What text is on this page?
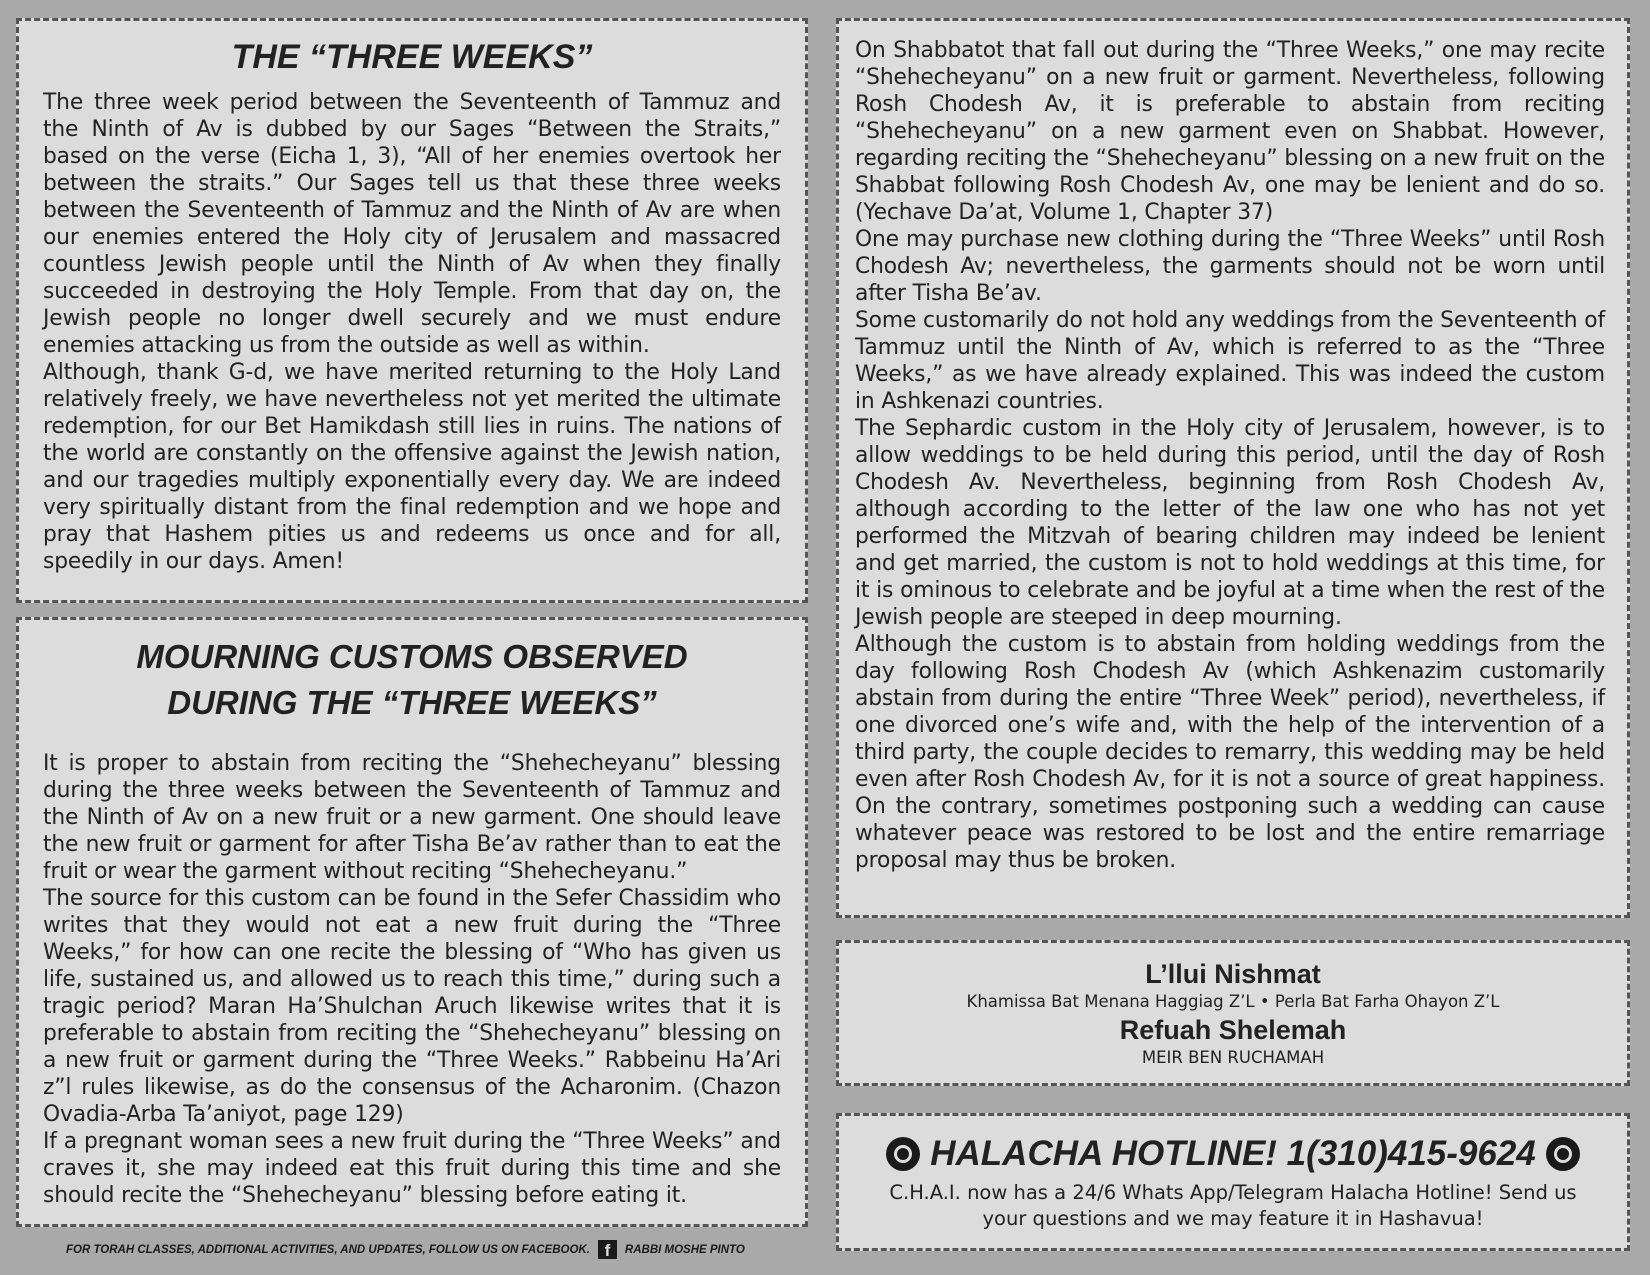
THE “THREE WEEKS”

The three week period between the Seventeenth of Tammuz and the Ninth of Av is dubbed by our Sages “Between the Straits,” based on the verse (Eicha 1, 3), “All of her enemies overtook her between the straits.” Our Sages tell us that these three weeks between the Seventeenth of Tammuz and the Ninth of Av are when our enemies entered the Holy city of Jerusalem and massacred countless Jewish people until the Ninth of Av when they finally succeeded in destroying the Holy Temple. From that day on, the Jewish people no longer dwell securely and we must endure enemies attacking us from the outside as well as within.

Although, thank G-d, we have merited returning to the Holy Land relatively freely, we have nevertheless not yet merited the ultimate redemption, for our Bet Hamikdash still lies in ruins. The nations of the world are constantly on the offensive against the Jewish nation, and our tragedies multiply exponentially every day. We are indeed very spiritually distant from the final redemption and we hope and pray that Hashem pities us and redeems us once and for all, speedily in our days. Amen!

MOURNING CUSTOMS OBSERVED
DURING THE “THREE WEEKS”

It is proper to abstain from reciting the “Shehecheyanu” blessing during the three weeks between the Seventeenth of Tammuz and the Ninth of Av on a new fruit or a new garment. One should leave the new fruit or garment for after Tisha Be’av rather than to eat the fruit or wear the garment without reciting “Shehecheyanu.”

The source for this custom can be found in the Sefer Chassidim who writes that they would not eat a new fruit during the “Three Weeks,” for how can one recite the blessing of “Who has given us life, sustained us, and allowed us to reach this time,” during such a tragic period? Maran Ha’Shulchan Aruch likewise writes that it is preferable to abstain from reciting the “Shehecheyanu” blessing on a new fruit or garment during the “Three Weeks.” Rabbeinu Ha’Ari z”l rules likewise, as do the consensus of the Acharonim. (Chazon Ovadia-Arba Ta’aniyot, page 129)

If a pregnant woman sees a new fruit during the “Three Weeks” and craves it, she may indeed eat this fruit during this time and she should recite the “Shehecheyanu” blessing before eating it.

On Shabbatot that fall out during the “Three Weeks,” one may recite “Shehecheyanu” on a new fruit or garment. Nevertheless, following Rosh Chodesh Av, it is preferable to abstain from reciting “Shehecheyanu” on a new garment even on Shabbat. However, regarding reciting the “Shehecheyanu” blessing on a new fruit on the Shabbat following Rosh Chodesh Av, one may be lenient and do so. (Yechave Da’at, Volume 1, Chapter 37)

One may purchase new clothing during the “Three Weeks” until Rosh Chodesh Av; nevertheless, the garments should not be worn until after Tisha Be’av.

Some customarily do not hold any weddings from the Seventeenth of Tammuz until the Ninth of Av, which is referred to as the “Three Weeks,” as we have already explained. This was indeed the custom in Ashkenazi countries.

The Sephardic custom in the Holy city of Jerusalem, however, is to allow weddings to be held during this period, until the day of Rosh Chodesh Av. Nevertheless, beginning from Rosh Chodesh Av, although according to the letter of the law one who has not yet performed the Mitzvah of bearing children may indeed be lenient and get married, the custom is not to hold weddings at this time, for it is ominous to celebrate and be joyful at a time when the rest of the Jewish people are steeped in deep mourning.

Although the custom is to abstain from holding weddings from the day following Rosh Chodesh Av (which Ashkenazim customarily abstain from during the entire “Three Week” period), nevertheless, if one divorced one’s wife and, with the help of the intervention of a third party, the couple decides to remarry, this wedding may be held even after Rosh Chodesh Av, for it is not a source of great happiness. On the contrary, sometimes postponing such a wedding can cause whatever peace was restored to be lost and the entire remarriage proposal may thus be broken.

L’llui Nishmat
Khamissa Bat Menana Haggiag Z’L • Perla Bat Farha Ohayon Z’L
Refuah Shelemah
MEIR BEN RUCHAMAH
HALACHA HOTLINE! 1(310)415-9624
C.H.A.I. now has a 24/6 Whats App/Telegram Halacha Hotline! Send us your questions and we may feature it in Hashavua!
FOR TORAH CLASSES, ADDITIONAL ACTIVITIES, AND UPDATES, FOLLOW US ON FACEBOOK. f	RABBI MOSHE PINTO
